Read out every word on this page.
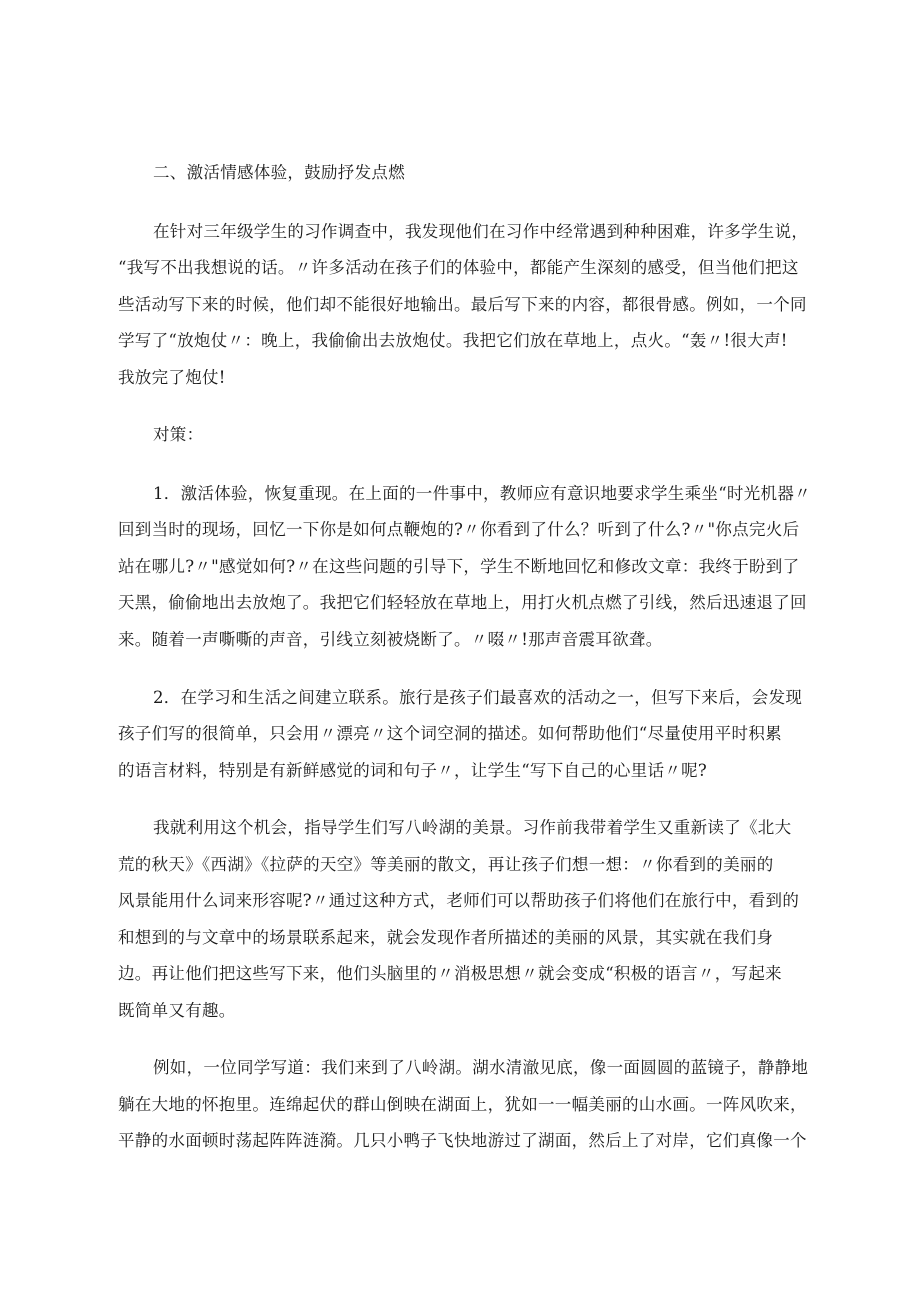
二、激活情感体验，鼓励抒发点燃
在针对三年级学生的习作调查中，我发现他们在习作中经常遇到种种困难，许多学生说，
“我写不出我想说的话。〃许多活动在孩子们的体验中，都能产生深刻的感受，但当他们把这
些活动写下来的时候，他们却不能很好地输出。最后写下来的内容，都很骨感。例如，一个同
学写了“放炮仗〃：晚上，我偷偷出去放炮仗。我把它们放在草地上，点火。“轰〃!很大声!
我放完了炮仗!
对策：
1．激活体验，恢复重现。在上面的一件事中，教师应有意识地要求学生乘坐“时光机器〃
回到当时的现场，回忆一下你是如何点鞭炮的?〃你看到了什么？听到了什么?〃"你点完火后
站在哪儿?〃"感觉如何?〃在这些问题的引导下，学生不断地回忆和修改文章：我终于盼到了
天黑，偷偷地出去放炮了。我把它们轻轻放在草地上，用打火机点燃了引线，然后迅速退了回
来。随着一声嘶嘶的声音，引线立刻被烧断了。〃啜〃!那声音震耳欲聋。
2．在学习和生活之间建立联系。旅行是孩子们最喜欢的活动之一，但写下来后，会发现
孩子们写的很简单，只会用〃漂亮〃这个词空洞的描述。如何帮助他们“尽量使用平时积累
的语言材料，特别是有新鲜感觉的词和句子〃，让学生“写下自己的心里话〃呢?
我就利用这个机会，指导学生们写八岭湖的美景。习作前我带着学生又重新读了《北大
荒的秋天》《西湖》《拉萨的天空》等美丽的散文，再让孩子们想一想：〃你看到的美丽的
风景能用什么词来形容呢?〃通过这种方式，老师们可以帮助孩子们将他们在旅行中，看到的
和想到的与文章中的场景联系起来，就会发现作者所描述的美丽的风景，其实就在我们身
边。再让他们把这些写下来，他们头脑里的〃消极思想〃就会变成“积极的语言〃，写起来
既简单又有趣。
例如，一位同学写道：我们来到了八岭湖。湖水清澈见底，像一面圆圆的蓝镜子，静静地
躺在大地的怀抱里。连绵起伏的群山倒映在湖面上，犹如一一幅美丽的山水画。一阵风吹来，
平静的水面顿时荡起阵阵涟漪。几只小鸭子飞快地游过了湖面，然后上了对岸，它们真像一个
